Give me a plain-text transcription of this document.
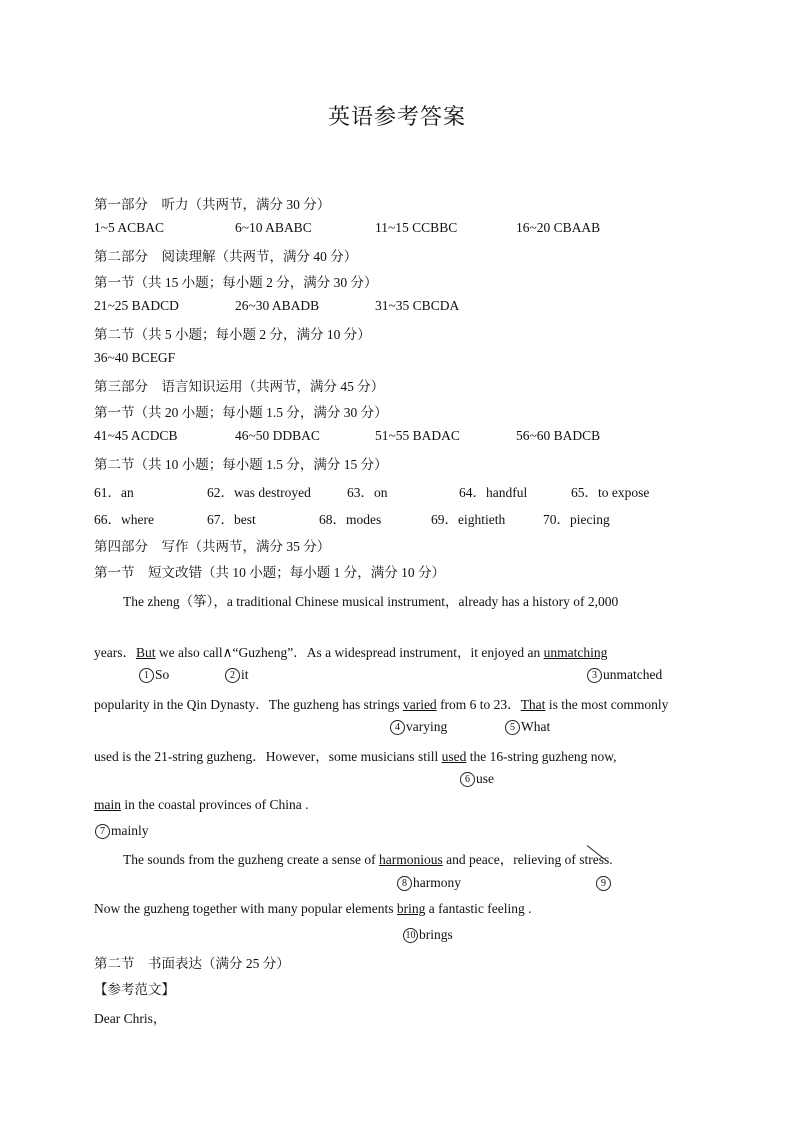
英语参考答案
第一部分　听力（共两节，满分 30 分）
1~5 ACBAC	6~10 ABABC	11~15 CCBBC	16~20 CBAAB
第二部分　阅读理解（共两节，满分 40 分）
第一节（共 15 小题；每小题 2 分，满分 30 分）
21~25 BADCD	26~30 ABADB	31~35 CBCDA
第二节（共 5 小题；每小题 2 分，满分 10 分）
36~40 BCEGF
第三部分　语言知识运用（共两节，满分 45 分）
第一节（共 20 小题；每小题 1.5 分，满分 30 分）
41~45 ACDCB	46~50 DDBAC	51~55 BADAC	56~60 BADCB
第二节（共 10 小题；每小题 1.5 分，满分 15 分）
61．an	62．was destroyed	63．on	64．handful	65．to expose
66．where	67．best	68．modes	69．eightieth	70．piecing
第四部分　写作（共两节，满分 35 分）
第一节　短文改错（共 10 小题；每小题 1 分，满分 10 分）
The zheng（筝），a traditional Chinese musical instrument，already has a history of 2,000
years．But we also call∧“Guzheng”．As a widespread instrument，it enjoyed an unmatching
1 So	2 it	3 unmatched
popularity in the Qin Dynasty．The guzheng has strings varied from 6 to 23．That is the most commonly
4 varying	5 What
used is the 21-string guzheng．However，some musicians still used the 16-string guzheng now,
6 use
main in the coastal provinces of China .
7 mainly
The sounds from the guzheng create a sense of harmonious and peace，relieving of stress.
8 harmony	9
Now the guzheng together with many popular elements bring a fantastic feeling .
10 brings
第二节　书面表达（满分 25 分）
【参考范文】
Dear Chris，
